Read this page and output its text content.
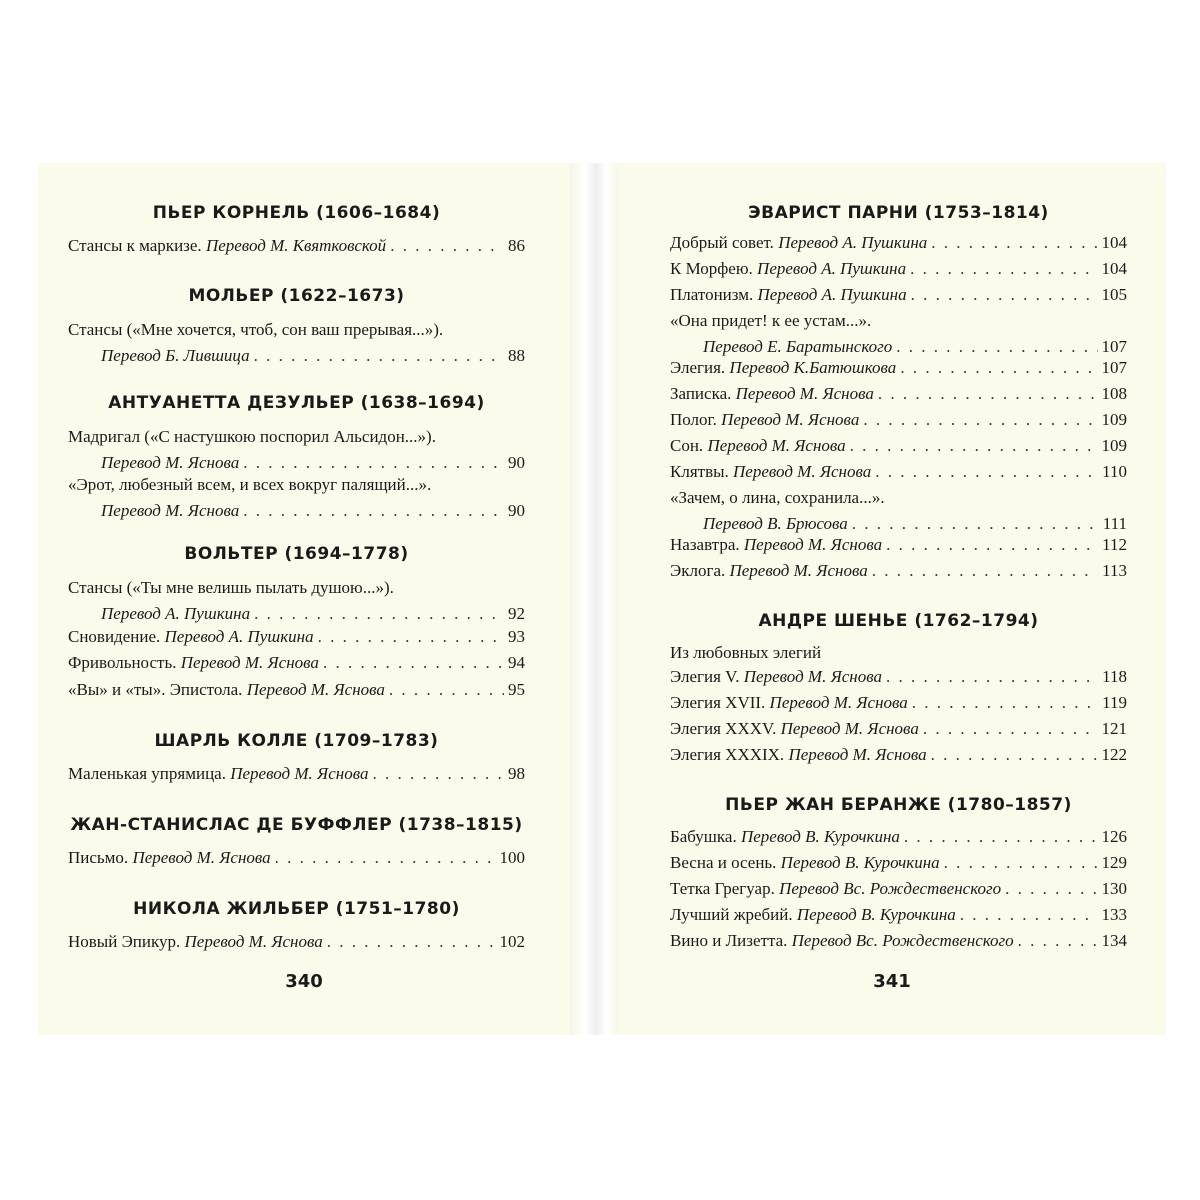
ПЬЕР КОРНЕЛЬ (1606–1684)
Стансы к маркизе. Перевод М. Квятковской . . .	86
МОЛЬЕР (1622–1673)
Стансы («Мне хочется, чтоб, сон ваш прерывая...»).
Перевод Б. Лившица . . .	88
АНТУАНЕТТА ДЕЗУЛЬЕР (1638–1694)
Мадригал («С настушкою поспорил Альсидон...»).
Перевод М. Яснова . . .	90
«Эрот, любезный всем, и всех вокруг палящий...».
Перевод М. Яснова . . .	90
ВОЛЬТЕР (1694–1778)
Стансы («Ты мне велишь пылать душою...»).
Перевод А. Пушкина . . .	92
Сновидение. Перевод А. Пушкина . . .	93
Фривольность. Перевод М. Яснова . . .	94
«Вы» и «ты». Эпистола. Перевод М. Яснова . . .	95
ШАРЛЬ КОЛЛЕ (1709–1783)
Маленькая упрямица. Перевод М. Яснова . . .	98
ЖАН-СТАНИСЛАС ДЕ БУФФЛЕР (1738–1815)
Письмо. Перевод М. Яснова . . .	100
НИКОЛА ЖИЛЬБЕР (1751–1780)
Новый Эпикур. Перевод М. Яснова . . .	102
340
ЭВАРИСТ ПАРНИ (1753–1814)
Добрый совет. Перевод А. Пушкина . . .	104
К Морфею. Перевод А. Пушкина . . .	104
Платонизм. Перевод А. Пушкина . . .	105
«Она придет! к ее устам...».
Перевод Е. Баратынского . . .	107
Элегия. Перевод К.Батюшкова . . .	107
Записка. Перевод М. Яснова . . .	108
Полог. Перевод М. Яснова . . .	109
Сон. Перевод М. Яснова . . .	109
Клятвы. Перевод М. Яснова . . .	110
«Зачем, о лина, сохранила...».
Перевод В. Брюсова . . .	111
Назавтра. Перевод М. Яснова . . .	112
Эклога. Перевод М. Яснова . . .	113
АНДРЕ ШЕНЬЕ (1762–1794)
Из любовных элегий
Элегия V. Перевод М. Яснова . . .	118
Элегия XVII. Перевод М. Яснова . . .	119
Элегия XXXV. Перевод М. Яснова . . .	121
Элегия XXXIX. Перевод М. Яснова . . .	122
ПЬЕР ЖАН БЕРАНЖЕ (1780–1857)
Бабушка. Перевод В. Курочкина . . .	126
Весна и осень. Перевод В. Курочкина . . .	129
Тетка Грегуар. Перевод Вс. Рождественского . . .	130
Лучший жребий. Перевод В. Курочкина . . .	133
Вино и Лизетта. Перевод Вс. Рождественского . . .	134
341
